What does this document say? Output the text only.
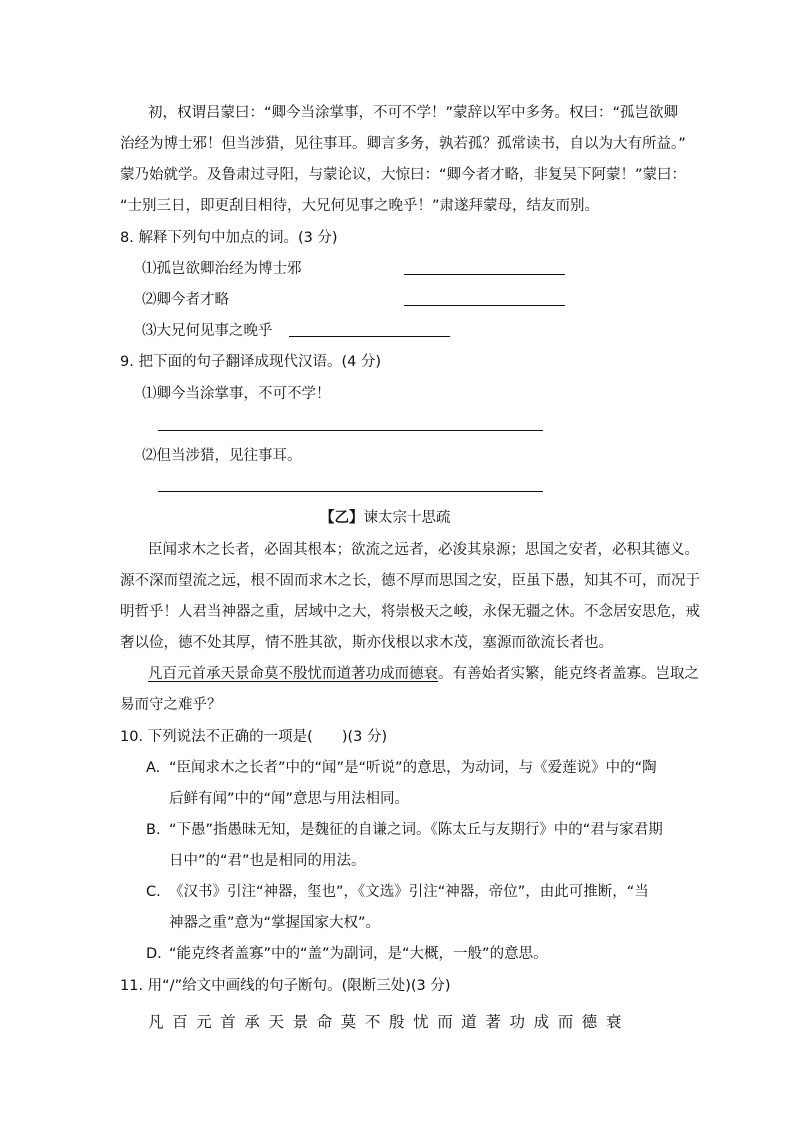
初，权谓吕蒙曰：“卿今当涂掌事，不可不学！”蒙辞以军中多务。权曰：“孤岂欲卿
治经为博士邪！但当涉猎，见往事耳。卿言多务，孰若孤？孤常读书，自以为大有所益。”
蒙乃始就学。及鲁肃过寻阳，与蒙论议，大惊曰：“卿今者才略，非复吴下阿蒙！”蒙曰：
“士别三日，即更刮目相待，大兄何见事之晚乎！”肃遂拜蒙母，结友而别。
8. 解释下列句中加点的词。(3 分)
⑴孤岂欲卿治经为博士邪
⑵卿今者才略
⑶大兄何见事之晚乎
9. 把下面的句子翻译成现代汉语。(4 分)
⑴卿今当涂掌事，不可不学！
⑵但当涉猎，见往事耳。
【乙】谏太宗十思疏
臣闻求木之长者，必固其根本；欲流之远者，必浚其泉源；思国之安者，必积其德义。
源不深而望流之远，根不固而求木之长，德不厚而思国之安，臣虽下愚，知其不可，而况于
明哲乎！人君当神器之重，居域中之大，将崇极天之峻，永保无疆之休。不念居安思危，戒
奢以俭，德不处其厚，情不胜其欲，斯亦伐根以求木茂，塞源而欲流长者也。
凡百元首承天景命莫不殷忧而道著功成而德衰。有善始者实繁，能克终者盖寡。岂取之
易而守之难乎？
10. 下列说法不正确的一项是(　　)(3 分)
A. “臣闻求木之长者”中的“闻”是“听说”的意思，为动词，与《爱莲说》中的“陶
后鲜有闻”中的“闻”意思与用法相同。
B. “下愚”指愚昧无知，是魏征的自谦之词。《陈太丘与友期行》中的“君与家君期
日中”的“君”也是相同的用法。
C. 《汉书》引注“神器，玺也”，《文选》引注“神器，帝位”，由此可推断，“当
神器之重”意为“掌握国家大权”。
D. “能克终者盖寡”中的“盖”为副词，是“大概，一般”的意思。
11. 用“/”给文中画线的句子断句。(限断三处)(3 分)
凡百元首承天景命莫不殷忧而道著功成而德衰
